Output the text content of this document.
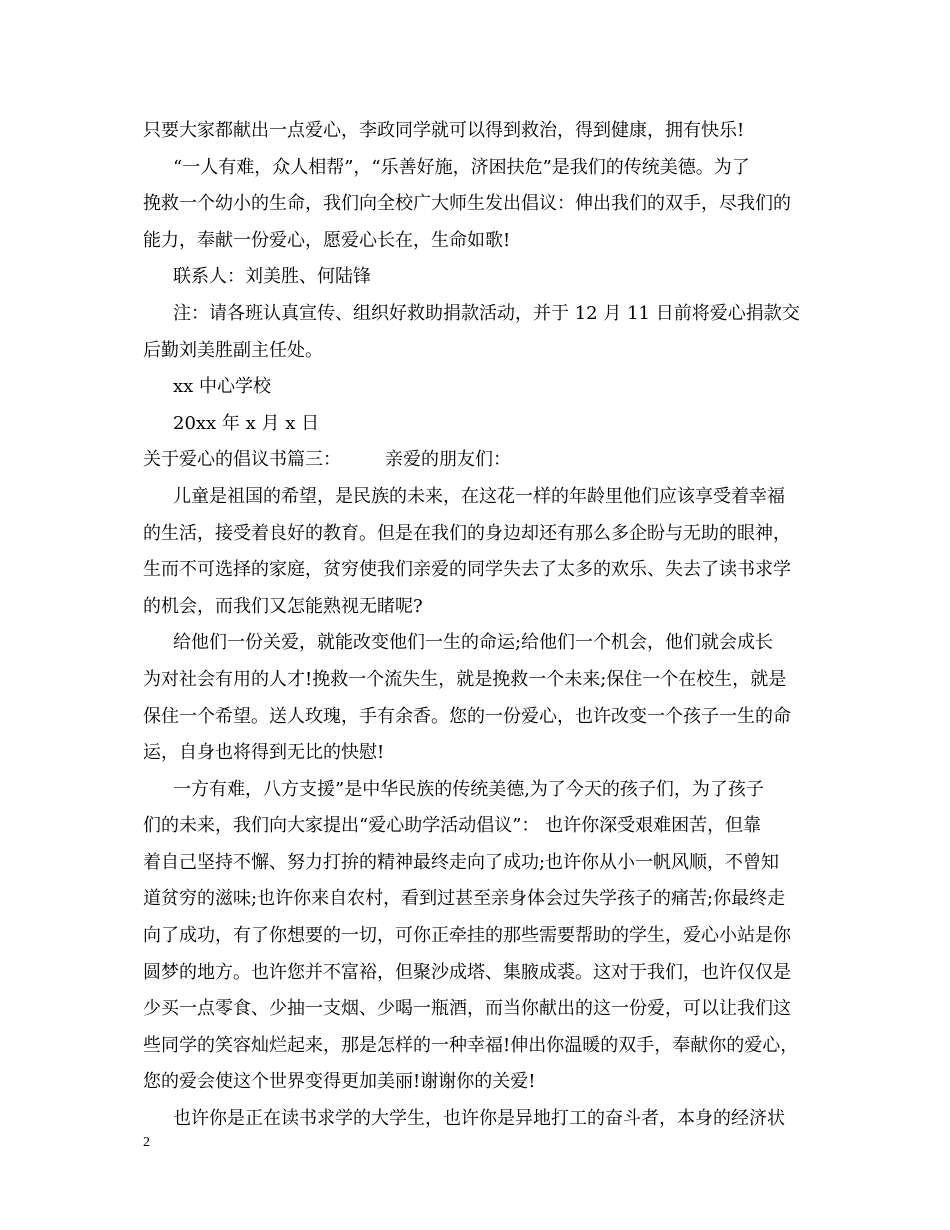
只要大家都献出一点爱心，李政同学就可以得到救治，得到健康，拥有快乐!

“一人有难，众人相帮”，“乐善好施，济困扶危”是我们的传统美德。为了

挽救一个幼小的生命，我们向全校广大师生发出倡议：伸出我们的双手，尽我们的

能力，奉献一份爱心，愿爱心长在，生命如歌!

联系人：刘美胜、何陆锋

注：请各班认真宣传、组织好救助捐款活动，并于 12 月 11 日前将爱心捐款交

后勤刘美胜副主任处。

xx 中心学校

20xx 年 x 月 x 日

关于爱心的倡议书篇三： 亲爱的朋友们：

儿童是祖国的希望，是民族的未来，在这花一样的年龄里他们应该享受着幸福

的生活，接受着良好的教育。但是在我们的身边却还有那么多企盼与无助的眼神，

生而不可选择的家庭，贫穷使我们亲爱的同学失去了太多的欢乐、失去了读书求学

的机会，而我们又怎能熟视无睹呢?

给他们一份关爱，就能改变他们一生的命运;给他们一个机会，他们就会成长

为对社会有用的人才!挽救一个流失生，就是挽救一个未来;保住一个在校生，就是

保住一个希望。送人玫瑰，手有余香。您的一份爱心，也许改变一个孩子一生的命

运，自身也将得到无比的快慰!

一方有难，八方支援”是中华民族的传统美德,为了今天的孩子们，为了孩子

们的未来，我们向大家提出“爱心助学活动倡议”： 也许你深受艰难困苦，但靠

着自己坚持不懈、努力打拚的精神最终走向了成功;也许你从小一帆风顺，不曾知

道贫穷的滋味;也许你来自农村，看到过甚至亲身体会过失学孩子的痛苦;你最终走

向了成功，有了你想要的一切，可你正牵挂的那些需要帮助的学生，爱心小站是你

圆梦的地方。也许您并不富裕，但聚沙成塔、集腋成裘。这对于我们，也许仅仅是

少买一点零食、少抽一支烟、少喝一瓶酒，而当你献出的这一份爱，可以让我们这

些同学的笑容灿烂起来，那是怎样的一种幸福!伸出你温暖的双手，奉献你的爱心，

您的爱会使这个世界变得更加美丽!谢谢你的关爱!

也许你是正在读书求学的大学生，也许你是异地打工的奋斗者，本身的经济状

2
